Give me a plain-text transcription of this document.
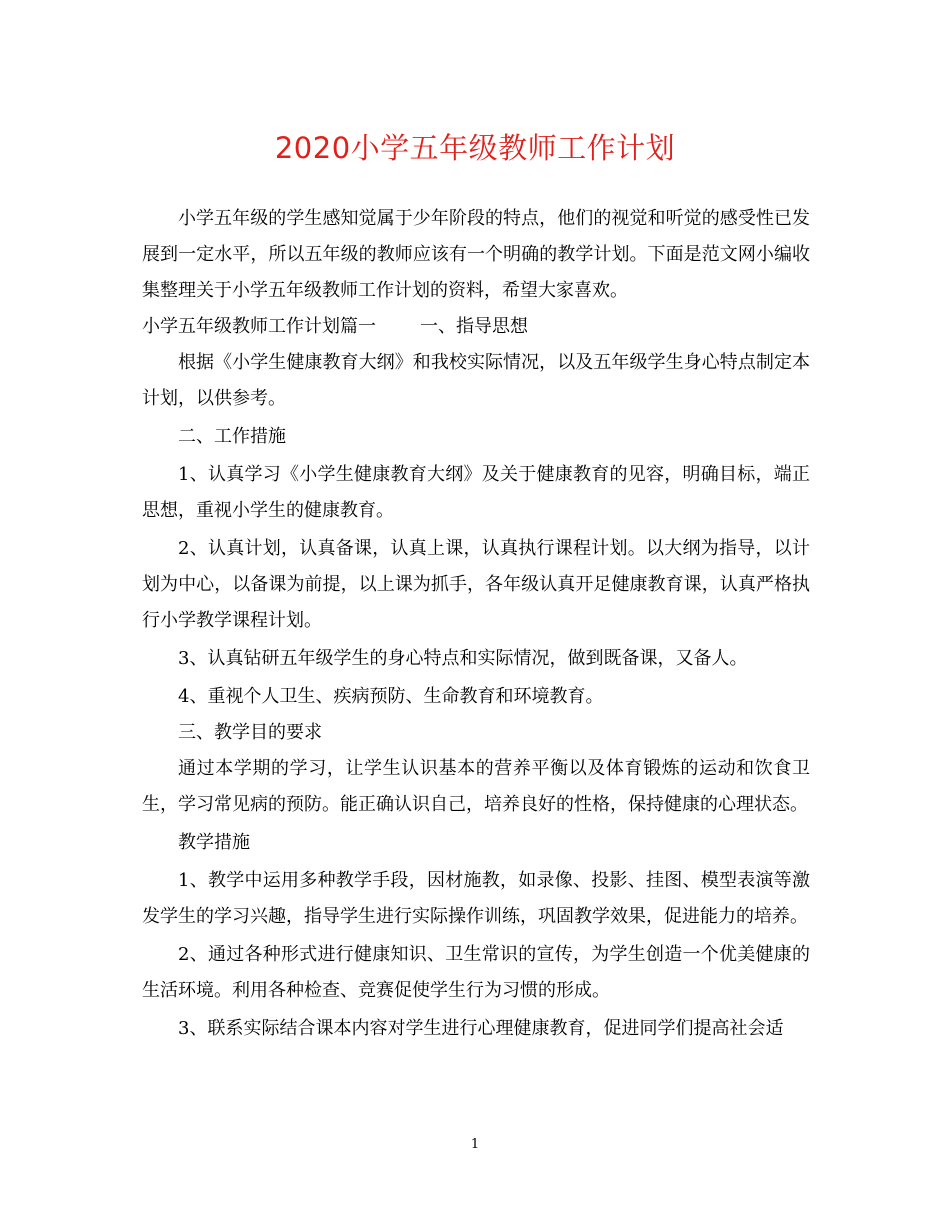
2020小学五年级教师工作计划

小学五年级的学生感知觉属于少年阶段的特点，他们的视觉和听觉的感受性已发展到一定水平，所以五年级的教师应该有一个明确的教学计划。下面是范文网小编收集整理关于小学五年级教师工作计划的资料，希望大家喜欢。

小学五年级教师工作计划篇一 一、指导思想

根据《小学生健康教育大纲》和我校实际情况，以及五年级学生身心特点制定本计划，以供参考。

二、工作措施

1、认真学习《小学生健康教育大纲》及关于健康教育的见容，明确目标，端正思想，重视小学生的健康教育。

2、认真计划，认真备课，认真上课，认真执行课程计划。以大纲为指导，以计划为中心，以备课为前提，以上课为抓手，各年级认真开足健康教育课，认真严格执行小学教学课程计划。

3、认真钻研五年级学生的身心特点和实际情况，做到既备课，又备人。

4、重视个人卫生、疾病预防、生命教育和环境教育。

三、教学目的要求

通过本学期的学习，让学生认识基本的营养平衡以及体育锻炼的运动和饮食卫生，学习常见病的预防。能正确认识自己，培养良好的性格，保持健康的心理状态。

教学措施

1、教学中运用多种教学手段，因材施教，如录像、投影、挂图、模型表演等激发学生的学习兴趣，指导学生进行实际操作训练，巩固教学效果，促进能力的培养。

2、通过各种形式进行健康知识、卫生常识的宣传，为学生创造一个优美健康的生活环境。利用各种检查、竞赛促使学生行为习惯的形成。

3、联系实际结合课本内容对学生进行心理健康教育，促进同学们提高社会适

1
